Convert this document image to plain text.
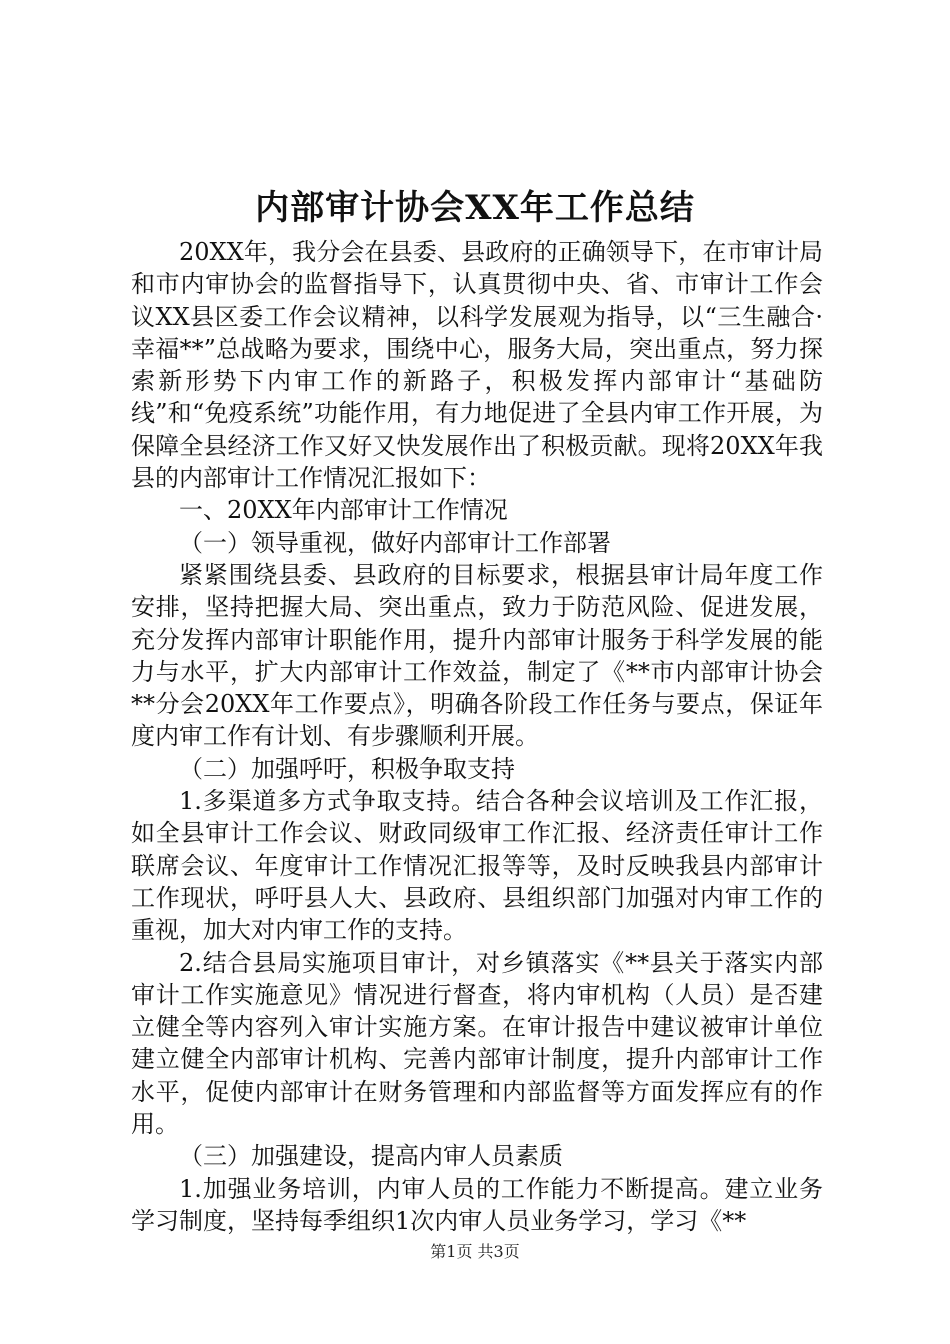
内部审计协会XX年工作总结

20XX年，我分会在县委、县政府的正确领导下，在市审计局和市内审协会的监督指导下，认真贯彻中央、省、市审计工作会议XX县区委工作会议精神，以科学发展观为指导，以“三生融合·幸福**”总战略为要求，围绕中心，服务大局，突出重点，努力探索新形势下内审工作的新路子，积极发挥内部审计“基础防线”和“免疫系统”功能作用，有力地促进了全县内审工作开展，为保障全县经济工作又好又快发展作出了积极贡献。现将20XX年我县的内部审计工作情况汇报如下：

一、20XX年内部审计工作情况

（一）领导重视，做好内部审计工作部署

紧紧围绕县委、县政府的目标要求，根据县审计局年度工作安排，坚持把握大局、突出重点，致力于防范风险、促进发展，充分发挥内部审计职能作用，提升内部审计服务于科学发展的能力与水平，扩大内部审计工作效益，制定了《**市内部审计协会**分会20XX年工作要点》，明确各阶段工作任务与要点，保证年度内审工作有计划、有步骤顺利开展。

（二）加强呼吁，积极争取支持

1.多渠道多方式争取支持。结合各种会议培训及工作汇报，如全县审计工作会议、财政同级审工作汇报、经济责任审计工作联席会议、年度审计工作情况汇报等等，及时反映我县内部审计工作现状，呼吁县人大、县政府、县组织部门加强对内审工作的重视，加大对内审工作的支持。

2.结合县局实施项目审计，对乡镇落实《**县关于落实内部审计工作实施意见》情况进行督查，将内审机构（人员）是否建立健全等内容列入审计实施方案。在审计报告中建议被审计单位建立健全内部审计机构、完善内部审计制度，提升内部审计工作水平，促使内部审计在财务管理和内部监督等方面发挥应有的作用。

（三）加强建设，提高内审人员素质

1.加强业务培训，内审人员的工作能力不断提高。建立业务学习制度，坚持每季组织1次内审人员业务学习，学习《**

第1页 共3页
